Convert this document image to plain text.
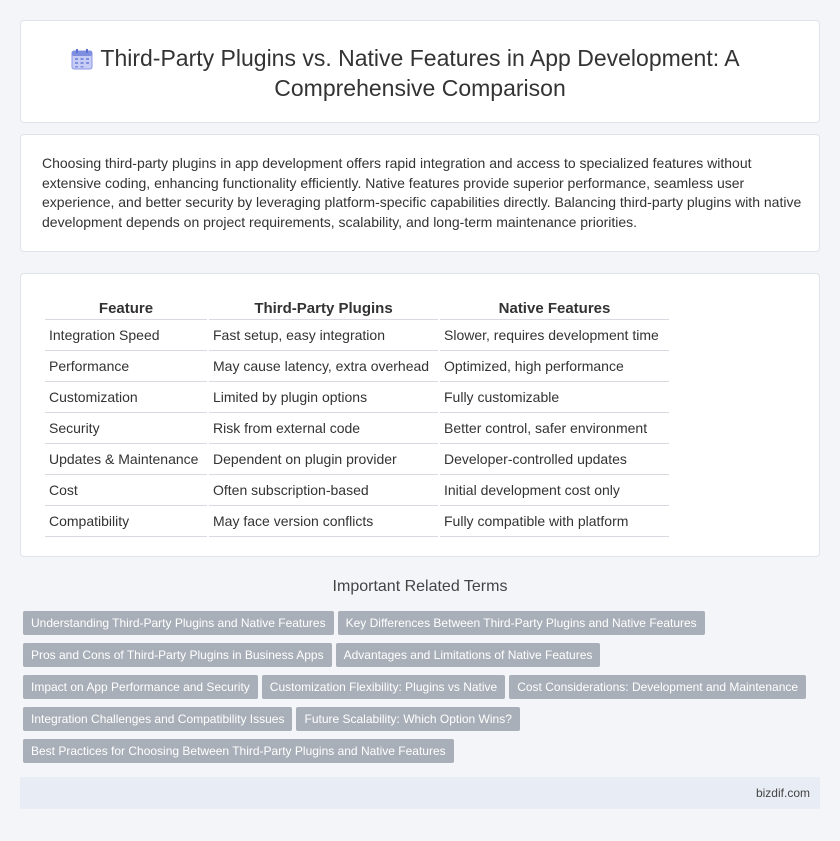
Third-Party Plugins vs. Native Features in App Development: A Comprehensive Comparison

Choosing third-party plugins in app development offers rapid integration and access to specialized features without extensive coding, enhancing functionality efficiently. Native features provide superior performance, seamless user experience, and better security by leveraging platform-specific capabilities directly. Balancing third-party plugins with native development depends on project requirements, scalability, and long-term maintenance priorities.

Feature	Third-Party Plugins	Native Features
Integration Speed	Fast setup, easy integration	Slower, requires development time
Performance	May cause latency, extra overhead	Optimized, high performance
Customization	Limited by plugin options	Fully customizable
Security	Risk from external code	Better control, safer environment
Updates & Maintenance	Dependent on plugin provider	Developer-controlled updates
Cost	Often subscription-based	Initial development cost only
Compatibility	May face version conflicts	Fully compatible with platform
Important Related Terms
Understanding Third-Party Plugins and Native Features Key Differences Between Third-Party Plugins and Native Features
Pros and Cons of Third-Party Plugins in Business Apps Advantages and Limitations of Native Features
Impact on App Performance and Security Customization Flexibility: Plugins vs Native Cost Considerations: Development and Maintenance
Integration Challenges and Compatibility Issues Future Scalability: Which Option Wins?
Best Practices for Choosing Between Third-Party Plugins and Native Features
bizdif.com
